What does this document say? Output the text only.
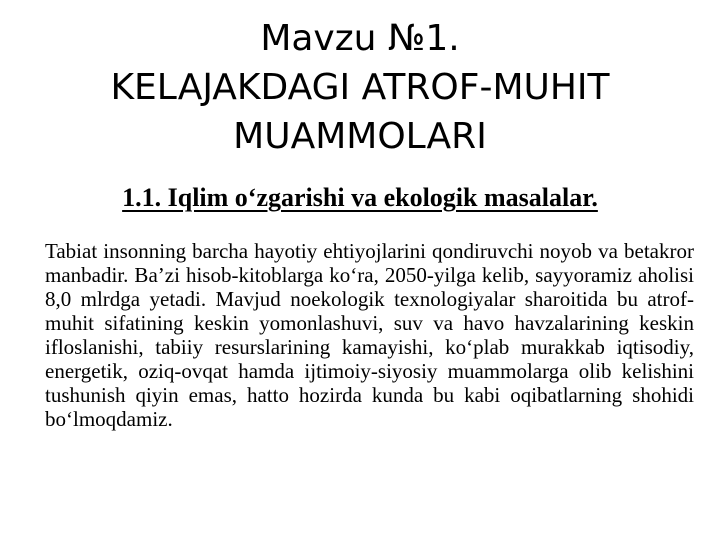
Mavzu №1.
KELAJAKDAGI ATROF-MUHIT
MUAMMOLARI
1.1. Iqlim o‘zgarishi va ekologik masalalar.

Tabiat insonning barcha hayotiy ehtiyojlarini qondiruvchi noyob va betakror manbadir. Ba’zi hisob-kitoblarga ko‘ra, 2050-yilga kelib, sayyoramiz aholisi 8,0 mlrdga yetadi. Mavjud noekologik texnologiyalar sharoitida bu atrof-muhit sifatining keskin yomonlashuvi, suv va havo havzalarining keskin ifloslanishi, tabiiy resurslarining kamayishi, ko‘plab murakkab iqtisodiy, energetik, oziq-ovqat hamda ijtimoiy-siyosiy muammolarga olib kelishini tushunish qiyin emas, hatto hozirda kunda bu kabi oqibatlarning shohidi bo‘lmoqdamiz.
